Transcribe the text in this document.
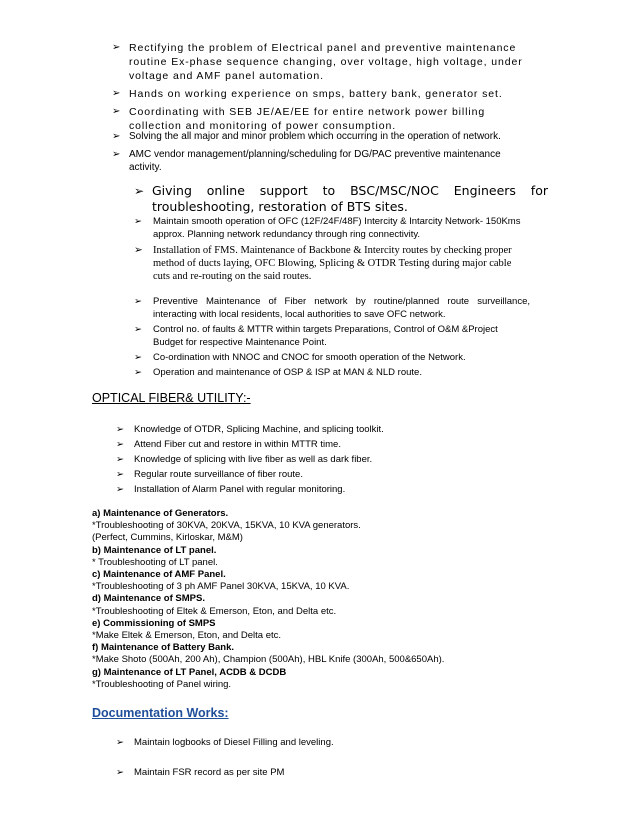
➢ Rectifying the problem of Electrical panel and preventive maintenance routine Ex-phase sequence changing, over voltage, high voltage, under voltage and AMF panel automation.
➢ Hands on working experience on smps, battery bank, generator set.
➢ Coordinating with SEB JE/AE/EE for entire network power billing collection and monitoring of power consumption.
➢ Solving the all major and minor problem which occurring in the operation of network.
➢ AMC vendor management/planning/scheduling for DG/PAC preventive maintenance activity.
➢ Giving online support to BSC/MSC/NOC Engineers for troubleshooting, restoration of BTS sites.
➢ Maintain smooth operation of OFC (12F/24F/48F) Intercity & Intarcity Network- 150Kms approx. Planning network redundancy through ring connectivity.
➢ Installation of FMS. Maintenance of Backbone & Intercity routes by checking proper method of ducts laying, OFC Blowing, Splicing & OTDR Testing during major cable cuts and re-routing on the said routes.
➢ Preventive Maintenance of Fiber network by routine/planned route surveillance, interacting with local residents, local authorities to save OFC network.
➢ Control no. of faults & MTTR within targets Preparations, Control of O&M &Project Budget for respective Maintenance Point.
➢ Co-ordination with NNOC and CNOC for smooth operation of the Network.
➢ Operation and maintenance of OSP & ISP at MAN & NLD route.
OPTICAL FIBER& UTILITY:-
➢ Knowledge of OTDR, Splicing Machine, and splicing toolkit.
➢ Attend Fiber cut and restore in within MTTR time.
➢ Knowledge of splicing with live fiber as well as dark fiber.
➢ Regular route surveillance of fiber route.
➢ Installation of Alarm Panel with regular monitoring.
a) Maintenance of Generators.
*Troubleshooting of 30KVA, 20KVA, 15KVA, 10 KVA generators.
(Perfect, Cummins, Kirloskar, M&M)
b) Maintenance of LT panel.
* Troubleshooting of LT panel.
c) Maintenance of AMF Panel.
*Troubleshooting of 3 ph AMF Panel 30KVA, 15KVA, 10 KVA.
d) Maintenance of SMPS.
*Troubleshooting of Eltek & Emerson, Eton, and Delta etc.
e) Commissioning of SMPS
*Make Eltek & Emerson, Eton, and Delta etc.
f) Maintenance of Battery Bank.
*Make Shoto (500Ah, 200 Ah), Champion (500Ah), HBL Knife (300Ah, 500&650Ah).
g) Maintenance of LT Panel, ACDB & DCDB
*Troubleshooting of Panel wiring.
Documentation Works:
➢ Maintain logbooks of Diesel Filling and leveling.
➢ Maintain FSR record as per site PM
